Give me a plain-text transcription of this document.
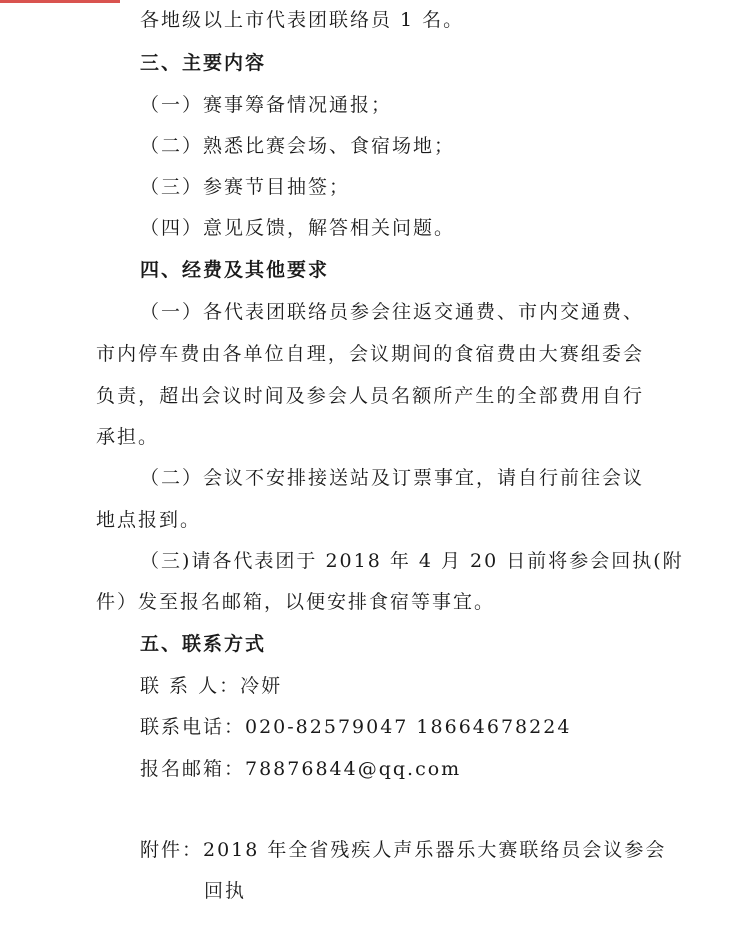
各地级以上市代表团联络员 1 名。
三、主要内容
（一）赛事筹备情况通报；
（二）熟悉比赛会场、食宿场地；
（三）参赛节目抽签；
（四）意见反馈，解答相关问题。
四、经费及其他要求
（一）各代表团联络员参会往返交通费、市内交通费、
市内停车费由各单位自理，会议期间的食宿费由大赛组委会
负责，超出会议时间及参会人员名额所产生的全部费用自行
承担。
（二）会议不安排接送站及订票事宜，请自行前往会议
地点报到。
（三)请各代表团于 2018 年 4 月 20 日前将参会回执(附
件）发至报名邮箱，以便安排食宿等事宜。
五、联系方式
联 系 人：冷妍
联系电话：020-82579047 18664678224
报名邮箱：78876844@qq.com
附件：2018 年全省残疾人声乐器乐大赛联络员会议参会
回执
